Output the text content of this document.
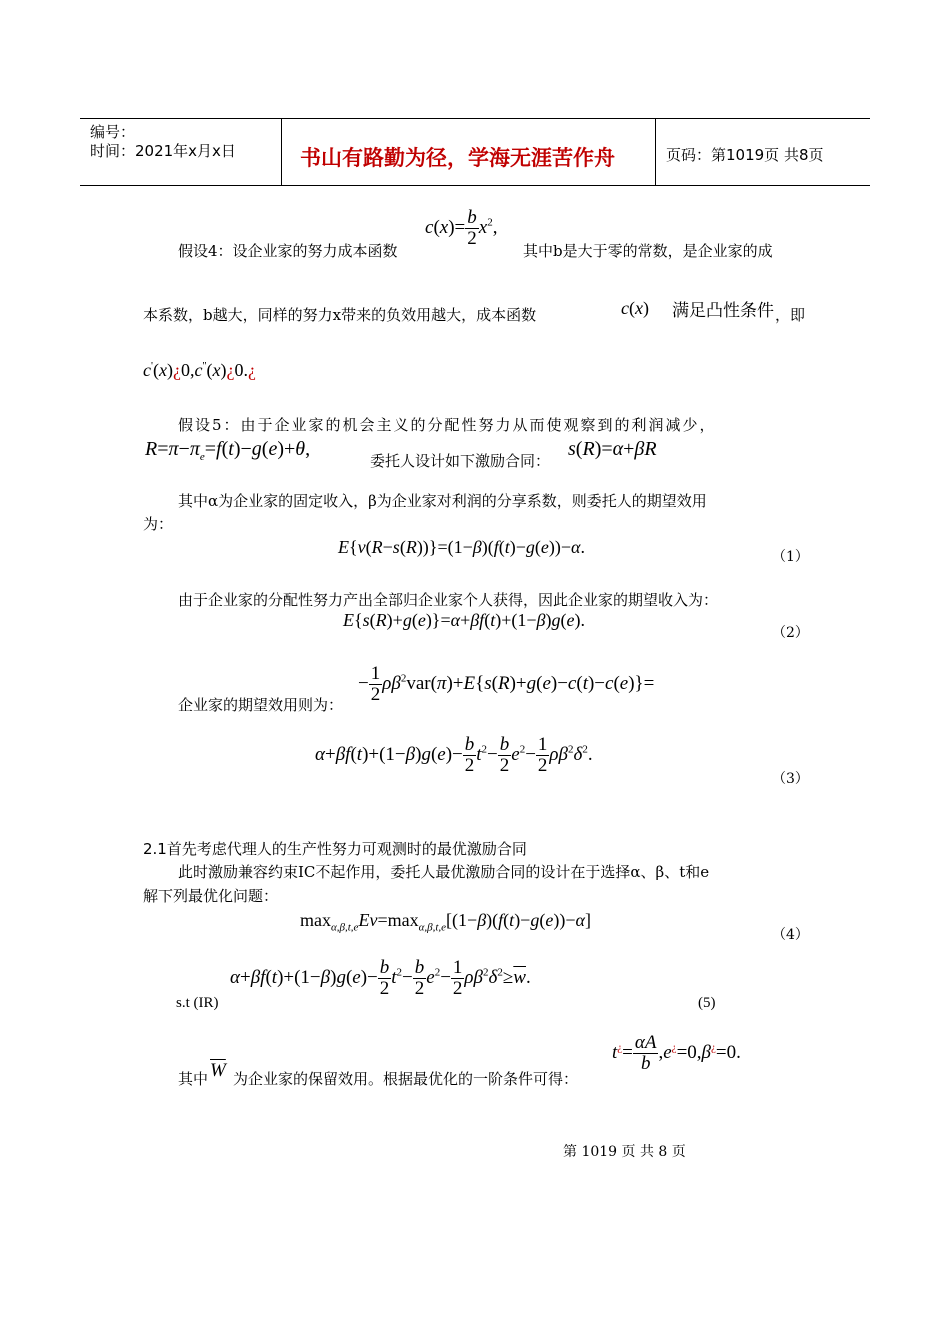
编号：
时间：2021年x月x日	书山有路勤为径，学海无涯苦作舟	页码：第1019页 共8页
$c(x)= \frac{b}{2} x^2$,
假设4：设企业家的努力成本函数	其中b是大于零的常数，是企业家的成
本系数，b越大，同样的努力x带来的负效用越大，成本函数	c(x) 满足凸性条件 ，即
c'(x)¿0,c''(x)¿0.¿
假设5：由于企业家的机会主义的分配性努力从而使观察到的利润减少，
$R=\pi-\pi_e=f(t)-g(e)+\theta$,
委托人设计如下激励合同：
s(R)=α+βR
其中α为企业家的固定收入，β为企业家对利润的分享系数，则委托人的期望效用
为：
E{v(R−s(R))}=(1−β)(f(t)−g(e))−α.	（1）
由于企业家的分配性努力产出全部归企业家个人获得，因此企业家的期望收入为：
E{s(R)+g(e)}=α+βf(t)+(1−β)g(e).
（2）
− $\frac{1}{2} \rho\beta^2var(\pi)+E\{s(R)+g(e)-c(t)-c(e)\}=$
企业家的期望效用则为：
$\alpha+\beta f(t)+(1-\beta)g(e)- \frac{b}{2} t^2- \frac{b}{2} e^2- \frac{1}{2} \rho\beta^2\delta^2$.
（3）
2.1首先考虑代理人的生产性努力可观测时的最优激励合同
此时激励兼容约束IC不起作用，委托人最优激励合同的设计在于选择α、β、t和e
解下列最优化问题：
$\max_{\alpha,\beta,t,e}Ev=\max_{\alpha,\beta,t,e}[(1-\beta)(f(t)-g(e))-\alpha]$
（4）
$\alpha+\beta f(t)+(1-\beta)g(e)- \frac{b}{2} t^2- \frac{b}{2} e^2- \frac{1}{2} \rho\beta^2\delta^2\ge\overline{w}$.
s.t (IR)	(5)
其中 $\overline{W}$ 为企业家的保留效用。根据最优化的一阶条件可得：
$t^¿= \frac{\alpha A}{b} ,e^¿=0,\beta^¿=0$.
第 1019 页 共 8 页
